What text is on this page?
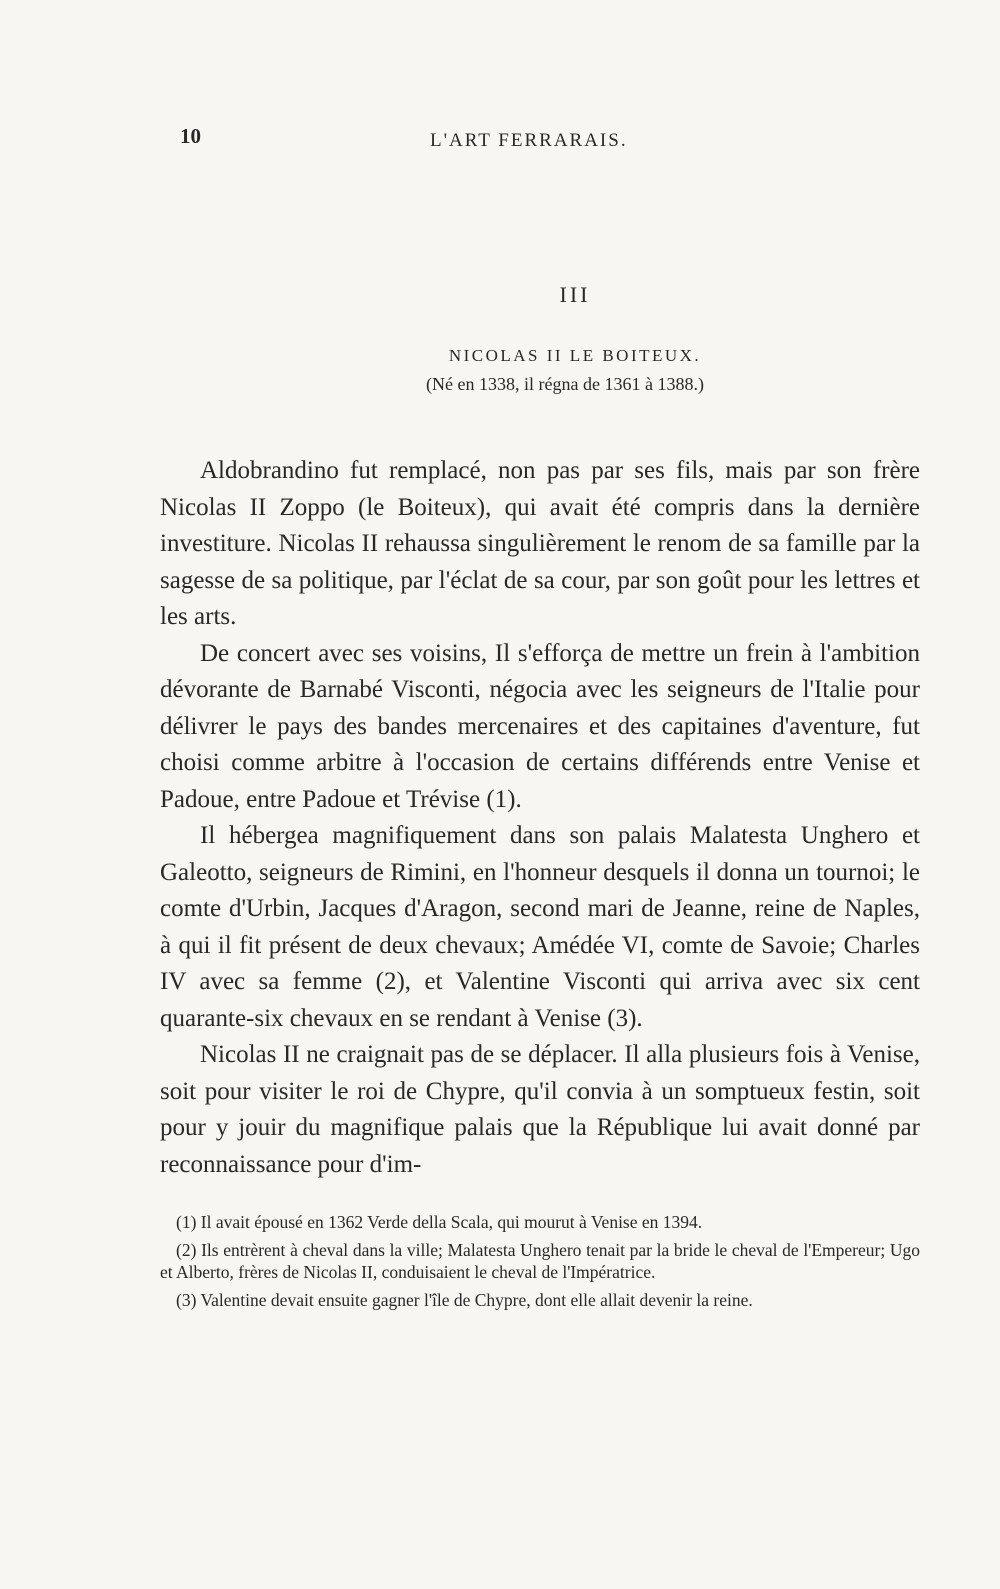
10	L'ART FERRARAIS.
III
NICOLAS II LE BOITEUX.
(Né en 1338, il régna de 1361 à 1388.)

Aldobrandino fut remplacé, non pas par ses fils, mais par son frère Nicolas II Zoppo (le Boiteux), qui avait été compris dans la dernière investiture. Nicolas II rehaussa singulièrement le renom de sa famille par la sagesse de sa politique, par l'éclat de sa cour, par son goût pour les lettres et les arts.

De concert avec ses voisins, Il s'efforça de mettre un frein à l'ambition dévorante de Barnabé Visconti, négocia avec les seigneurs de l'Italie pour délivrer le pays des bandes mercenaires et des capitaines d'aventure, fut choisi comme arbitre à l'occasion de certains différends entre Venise et Padoue, entre Padoue et Trévise (1).

Il hébergea magnifiquement dans son palais Malatesta Unghero et Galeotto, seigneurs de Rimini, en l'honneur desquels il donna un tournoi; le comte d'Urbin, Jacques d'Aragon, second mari de Jeanne, reine de Naples, à qui il fit présent de deux chevaux; Amédée VI, comte de Savoie; Charles IV avec sa femme (2), et Valentine Visconti qui arriva avec six cent quarante-six chevaux en se rendant à Venise (3).

Nicolas II ne craignait pas de se déplacer. Il alla plusieurs fois à Venise, soit pour visiter le roi de Chypre, qu'il convia à un somptueux festin, soit pour y jouir du magnifique palais que la République lui avait donné par reconnaissance pour d'im-

(1) Il avait épousé en 1362 Verde della Scala, qui mourut à Venise en 1394.

(2) Ils entrèrent à cheval dans la ville; Malatesta Unghero tenait par la bride le cheval de l'Empereur; Ugo et Alberto, frères de Nicolas II, conduisaient le cheval de l'Impératrice.

(3) Valentine devait ensuite gagner l'île de Chypre, dont elle allait devenir la reine.
